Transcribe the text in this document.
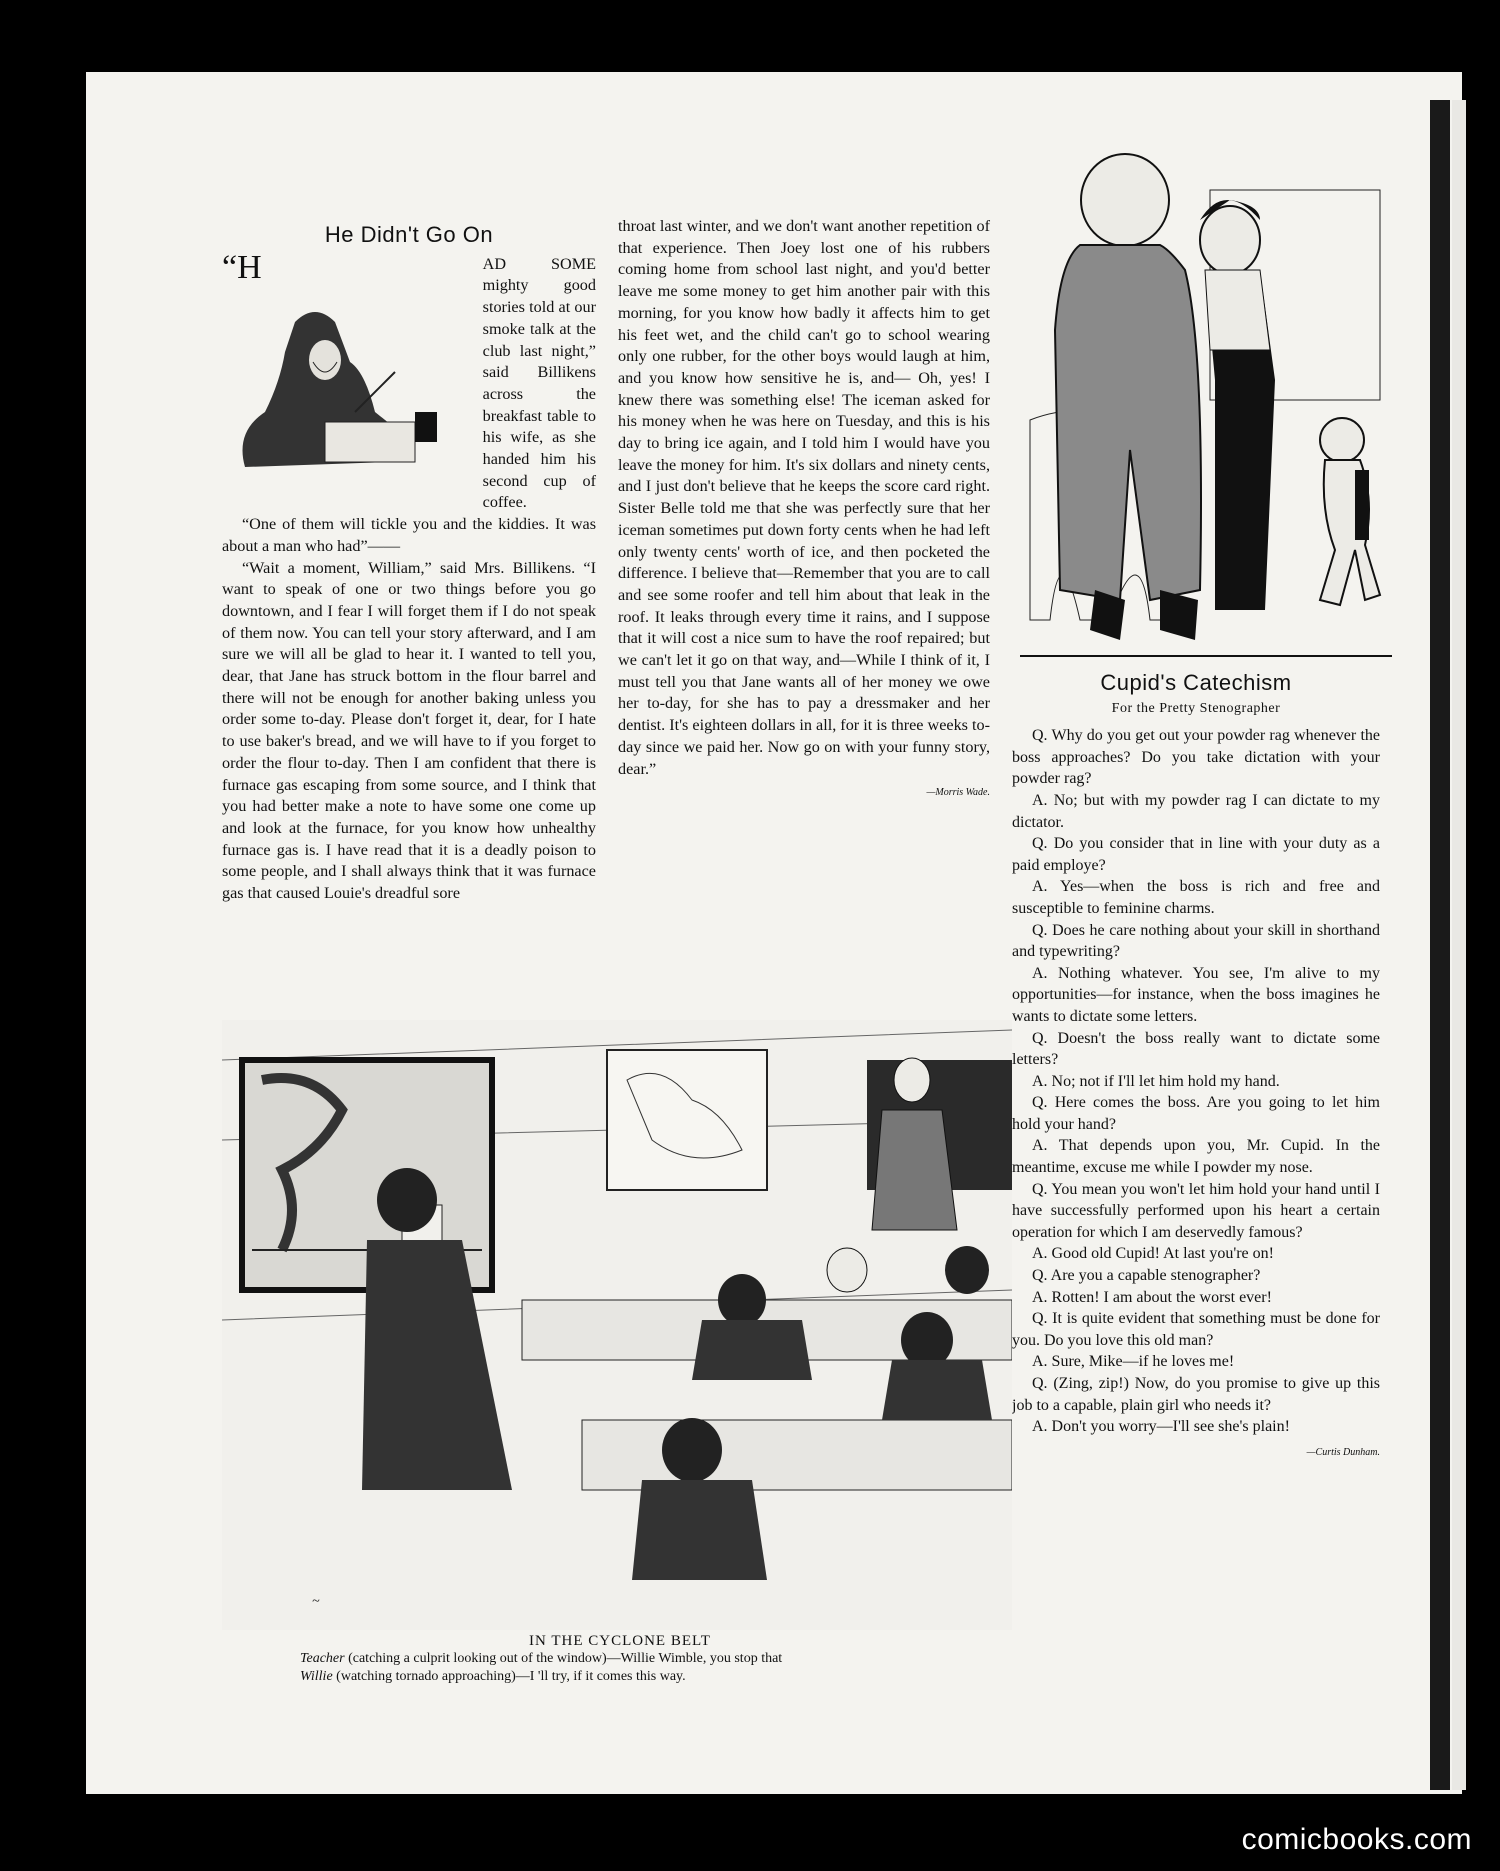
He Didn't Go On

“H	AD SOME mighty good stories told at our smoke talk at the club last night,” said Billikens across the breakfast table to his wife, as she handed him his second cup of coffee.

“One of them will tickle you and the kiddies. It was about a man who had”——

“Wait a moment, William,” said Mrs. Billikens. “I want to speak of one or two things before you go downtown, and I fear I will forget them if I do not speak of them now. You can tell your story afterward, and I am sure we will all be glad to hear it. I wanted to tell you, dear, that Jane has struck bottom in the flour barrel and there will not be enough for another baking unless you order some to-day. Please don't forget it, dear, for I hate to use baker's bread, and we will have to if you forget to order the flour to-day. Then I am confident that there is furnace gas escaping from some source, and I think that you had better make a note to have some one come up and look at the furnace, for you know how unhealthy furnace gas is. I have read that it is a deadly poison to some people, and I shall always think that it was furnace gas that caused Louie's dreadful sore

throat last winter, and we don't want another repetition of that experience. Then Joey lost one of his rubbers coming home from school last night, and you'd better leave me some money to get him another pair with this morning, for you know how badly it affects him to get his feet wet, and the child can't go to school wearing only one rubber, for the other boys would laugh at him, and you know how sensitive he is, and— Oh, yes! I knew there was something else! The iceman asked for his money when he was here on Tuesday, and this is his day to bring ice again, and I told him I would have you leave the money for him. It's six dollars and ninety cents, and I just don't believe that he keeps the score card right. Sister Belle told me that she was perfectly sure that her iceman sometimes put down forty cents when he had left only twenty cents' worth of ice, and then pocketed the difference. I believe that—Remember that you are to call and see some roofer and tell him about that leak in the roof. It leaks through every time it rains, and I suppose that it will cost a nice sum to have the roof repaired; but we can't let it go on that way, and—While I think of it, I must tell you that Jane wants all of her money we owe her to-day, for she has to pay a dressmaker and her dentist. It's eighteen dollars in all, for it is three weeks to-day since we paid her. Now go on with your funny story, dear.”

—Morris Wade.
Cupid's Catechism
For the Pretty Stenographer

Q. Why do you get out your powder rag whenever the boss approaches? Do you take dictation with your powder rag?

A. No; but with my powder rag I can dictate to my dictator.

Q. Do you consider that in line with your duty as a paid employe?

A. Yes—when the boss is rich and free and susceptible to feminine charms.

Q. Does he care nothing about your skill in shorthand and typewriting?

A. Nothing whatever. You see, I'm alive to my opportunities—for instance, when the boss imagines he wants to dictate some letters.

Q. Doesn't the boss really want to dictate some letters?

A. No; not if I'll let him hold my hand.

Q. Here comes the boss. Are you going to let him hold your hand?

A. That depends upon you, Mr. Cupid. In the meantime, excuse me while I powder my nose.

Q. You mean you won't let him hold your hand until I have successfully performed upon his heart a certain operation for which I am deservedly famous?

A. Good old Cupid! At last you're on!

Q. Are you a capable stenographer?

A. Rotten! I am about the worst ever!

Q. It is quite evident that something must be done for you. Do you love this old man?

A. Sure, Mike—if he loves me!

Q. (Zing, zip!) Now, do you promise to give up this job to a capable, plain girl who needs it?

A. Don't you worry—I'll see she's plain!
—Curtis Dunham.

~
IN THE CYCLONE BELT
Teacher (catching a culprit looking out of the window)—Willie Wimble, you stop that
Willie (watching tornado approaching)—I 'll try, if it comes this way.
comicbooks.com
